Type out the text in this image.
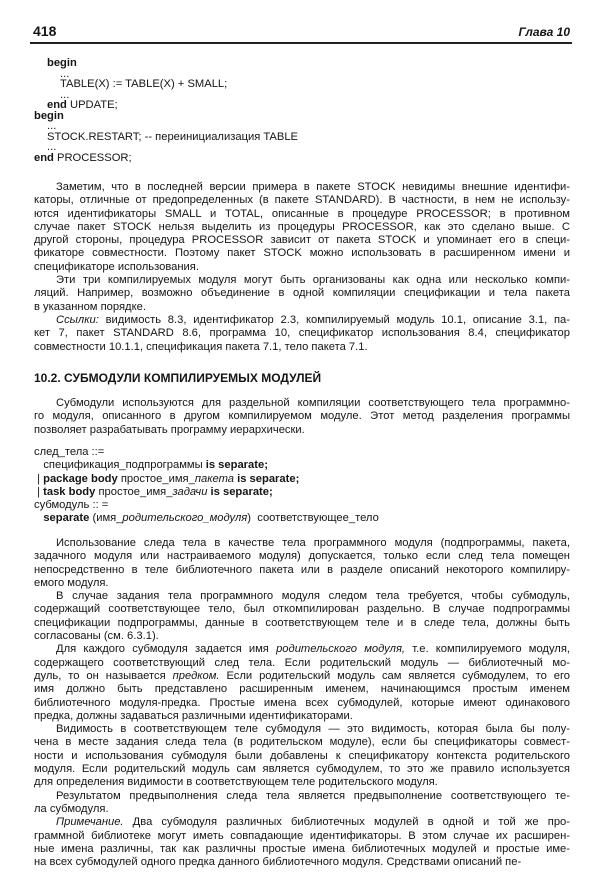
418	Глава 10
begin
...
TABLE(X) := TABLE(X) + SMALL;
...
end UPDATE;
begin
...
STOCK.RESTART; -- переинициализация TABLE
...
end PROCESSOR;
Заметим, что в последней версии примера в пакете STOCK невидимы внешние идентифи-
каторы, отличные от предопределенных (в пакете STANDARD). В частности, в нем не использу-
ются идентификаторы SMALL и TOTAL, описанные в процедуре PROCESSOR; в противном
случае пакет STOCK нельзя выделить из процедуры PROCESSOR, как это сделано выше. С
другой стороны, процедура PROCESSOR зависит от пакета STOCK и упоминает его в специ-
фикаторе совместности. Поэтому пакет STOCK можно использовать в расширенном имени и
спецификаторе использования.
Эти три компилируемых модуля могут быть организованы как одна или несколько компи-
ляций. Например, возможно объединение в одной компиляции спецификации и тела пакета
в указанном порядке.
Ссылки: видимость 8.3, идентификатор 2.3, компилируемый модуль 10.1, описание 3.1, па-
кет 7, пакет STANDARD 8.6, программа 10, спецификатор использования 8.4, спецификатор
совместности 10.1.1, спецификация пакета 7.1, тело пакета 7.1.
10.2. СУБМОДУЛИ КОМПИЛИРУЕМЫХ МОДУЛЕЙ
Субмодули используются для раздельной компиляции соответствующего тела программно-
го модуля, описанного в другом компилируемом модуле. Этот метод разделения программы
позволяет разрабатывать программу иерархически.
след_тела ::=
спецификация_подпрограммы is separate;
| package body простое_имя_пакета is separate;
| task body простое_имя_задачи is separate;
субмодуль :: =
separate (имя_родительского_модуля)  соответствующее_тело
Использование следа тела в качестве тела программного модуля (подпрограммы, пакета,
задачного модуля или настраиваемого модуля) допускается, только если след тела помещен
непосредственно в теле библиотечного пакета или в разделе описаний некоторого компилиру-
емого модуля.
В случае задания тела программного модуля следом тела требуется, чтобы субмодуль,
содержащий соответствующее тело, был откомпилирован раздельно. В случае подпрограммы
спецификации подпрограммы, данные в соответствующем теле и в следе тела, должны быть
согласованы (см. 6.3.1).
Для каждого субмодуля задается имя родительского модуля, т.е. компилируемого модуля,
содержащего соответствующий след тела. Если родительский модуль — библиотечный мо-
дуль, то он называется предком. Если родительский модуль сам является субмодулем, то его
имя должно быть представлено расширенным именем, начинающимся простым именем
библиотечного модуля-предка. Простые имена всех субмодулей, которые имеют одинакового
предка, должны задаваться различными идентификаторами.
Видимость в соответствующем теле субмодуля — это видимость, которая была бы полу-
чена в месте задания следа тела (в родительском модуле), если бы спецификаторы совмест-
ности и использования субмодуля были добавлены к спецификатору контекста родительского
модуля. Если родительский модуль сам является субмодулем, то это же правило используется
для определения видимости в соответствующем теле родительского модуля.
Результатом предвыполнения следа тела является предвыполнение соответствующего те-
ла субмодуля.
Примечание. Два субмодуля различных библиотечных модулей в одной и той же про-
граммной библиотеке могут иметь совпадающие идентификаторы. В этом случае их расширен-
ные имена различны, так как различны простые имена библиотечных модулей и простые име-
на всех субмодулей одного предка данного библиотечного модуля. Средствами описаний пе-
